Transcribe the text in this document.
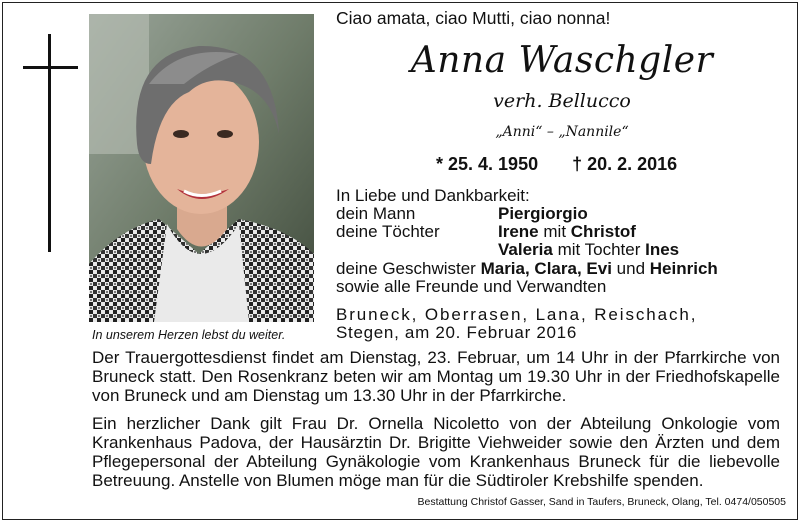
In unserem Herzen lebst du weiter.
Ciao amata, ciao Mutti, ciao nonna!
Anna Waschgler
verh. Bellucco
„Anni“ – „Nannile“
* 25. 4. 1950 † 20. 2. 2016
In Liebe und Dankbarkeit:
dein Mann	Piergiorgio
deine Töchter	Irene mit Christof
Valeria mit Tochter Ines
deine Geschwister Maria, Clara, Evi und Heinrich
sowie alle Freunde und Verwandten
Bruneck, Oberrasen, Lana, Reischach,
Stegen, am 20. Februar 2016
Der Trauergottesdienst findet am Dienstag, 23. Februar, um 14 Uhr in der Pfarrkirche von Bruneck statt. Den Rosenkranz beten wir am Montag um 19.30 Uhr in der Friedhofskapelle von Bruneck und am Dienstag um 13.30 Uhr in der Pfarrkirche.
Ein herzlicher Dank gilt Frau Dr. Ornella Nicoletto von der Abteilung Onkologie vom Krankenhaus Padova, der Hausärztin Dr. Brigitte Viehweider sowie den Ärzten und dem Pflegepersonal der Abteilung Gynäkologie vom Krankenhaus Bruneck für die liebevolle Betreuung. Anstelle von Blumen möge man für die Südtiroler Krebshilfe spenden.
Bestattung Christof Gasser, Sand in Taufers, Bruneck, Olang, Tel. 0474/050505
